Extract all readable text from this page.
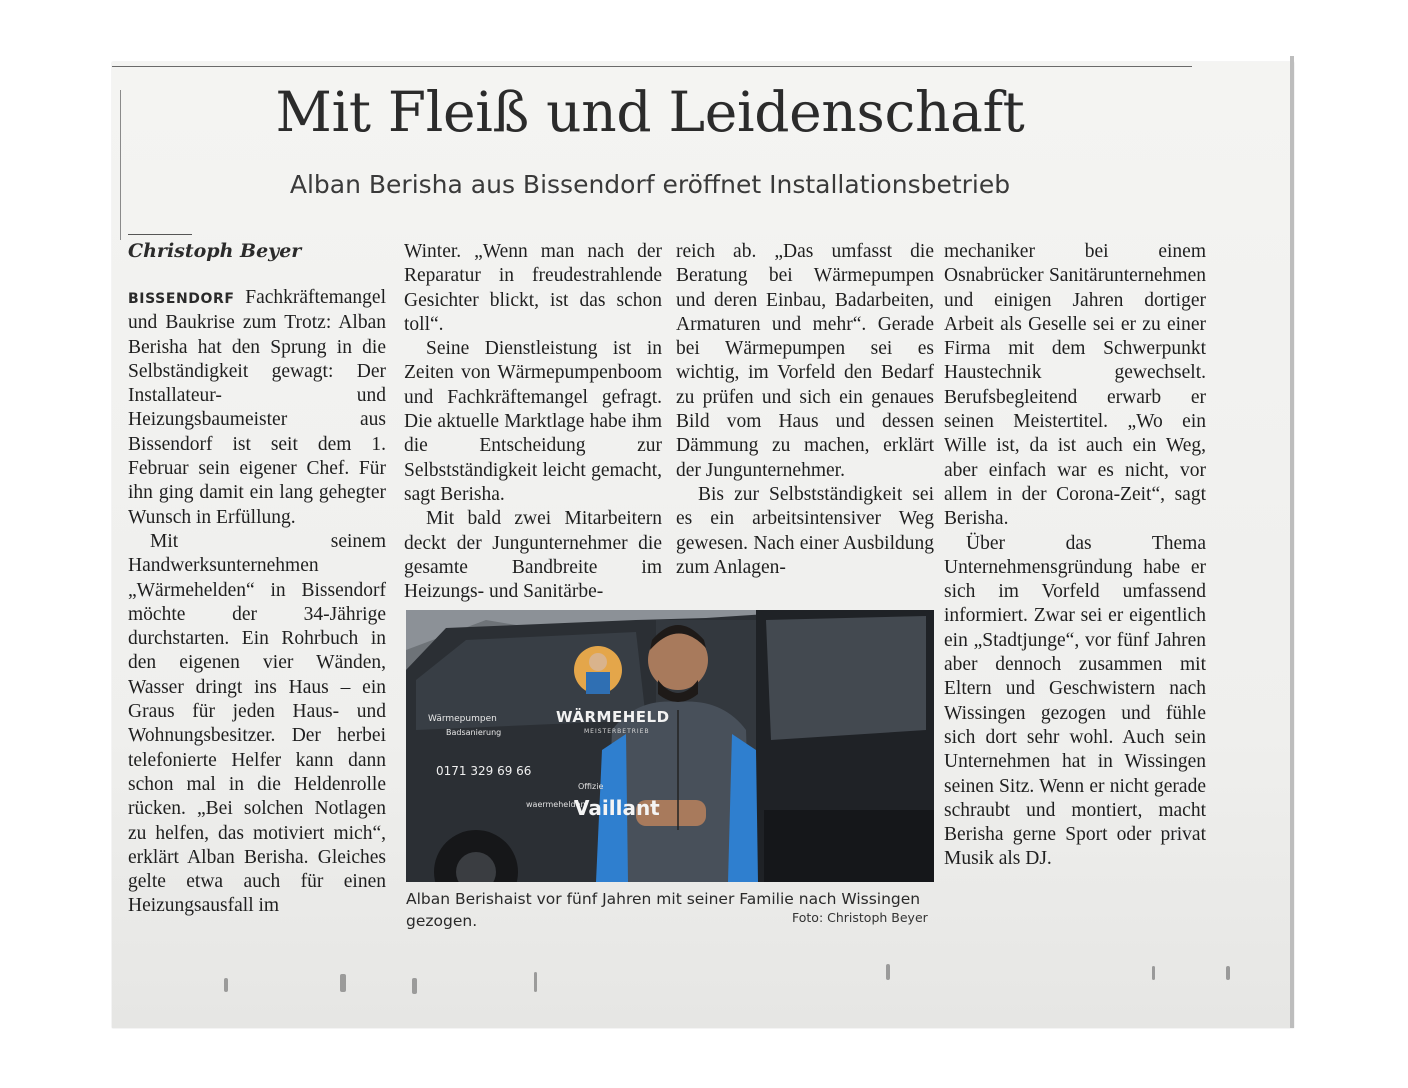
Mit Fleiß und Leidenschaft
Alban Berisha aus Bissendorf eröffnet Installationsbetrieb
Christoph Beyer

BISSENDORF Fachkräftemangel und Baukrise zum Trotz: Alban Berisha hat den Sprung in die Selbständigkeit gewagt: Der Installateur- und Heizungsbaumeister aus Bissendorf ist seit dem 1. Februar sein eigener Chef. Für ihn ging damit ein lang gehegter Wunsch in Erfüllung.

Mit seinem Handwerksunternehmen „Wärmehelden“ in Bissendorf möchte der 34-Jährige durchstarten. Ein Rohrbuch in den eigenen vier Wänden, Wasser dringt ins Haus – ein Graus für jeden Haus- und Wohnungsbesitzer. Der herbei telefonierte Helfer kann dann schon mal in die Heldenrolle rücken. „Bei solchen Notlagen zu helfen, das motiviert mich“, erklärt Alban Berisha. Gleiches gelte etwa auch für einen Heizungsausfall im

Winter. „Wenn man nach der Reparatur in freudestrahlende Gesichter blickt, ist das schon toll“.

Seine Dienstleistung ist in Zeiten von Wärmepumpenboom und Fachkräftemangel gefragt. Die aktuelle Marktlage habe ihm die Entscheidung zur Selbstständigkeit leicht gemacht, sagt Berisha.

Mit bald zwei Mitarbeitern deckt der Jungunternehmer die gesamte Bandbreite im Heizungs- und Sanitärbe-

reich ab. „Das umfasst die Beratung bei Wärmepumpen und deren Einbau, Badarbeiten, Armaturen und mehr“. Gerade bei Wärmepumpen sei es wichtig, im Vorfeld den Bedarf zu prüfen und sich ein genaues Bild vom Haus und dessen Dämmung zu machen, erklärt der Jungunternehmer.

Bis zur Selbstständigkeit sei es ein arbeitsintensiver Weg gewesen. Nach einer Ausbildung zum Anlagen-

mechaniker bei einem Osnabrücker Sanitärunternehmen und einigen Jahren dortiger Arbeit als Geselle sei er zu einer Firma mit dem Schwerpunkt Haustechnik gewechselt. Berufsbegleitend erwarb er seinen Meistertitel. „Wo ein Wille ist, da ist auch ein Weg, aber einfach war es nicht, vor allem in der Corona-Zeit“, sagt Berisha.

Über das Thema Unternehmensgründung habe er sich im Vorfeld umfassend informiert. Zwar sei er eigentlich ein „Stadtjunge“, vor fünf Jahren aber dennoch zusammen mit Eltern und Geschwistern nach Wissingen gezogen und fühle sich dort sehr wohl. Auch sein Unternehmen hat in Wissingen seinen Sitz. Wenn er nicht gerade schraubt und montiert, macht Berisha gerne Sport oder privat Musik als DJ.

WÄRMEHELD
MEISTERBETRIEB
Wärmepumpen
Badsanierung
0171 329 69 66
waermehelden
Offizie
Vaillant
Alban Berishaist vor fünf Jahren mit seiner Familie nach Wissingen gezogen.	Foto: Christoph Beyer
